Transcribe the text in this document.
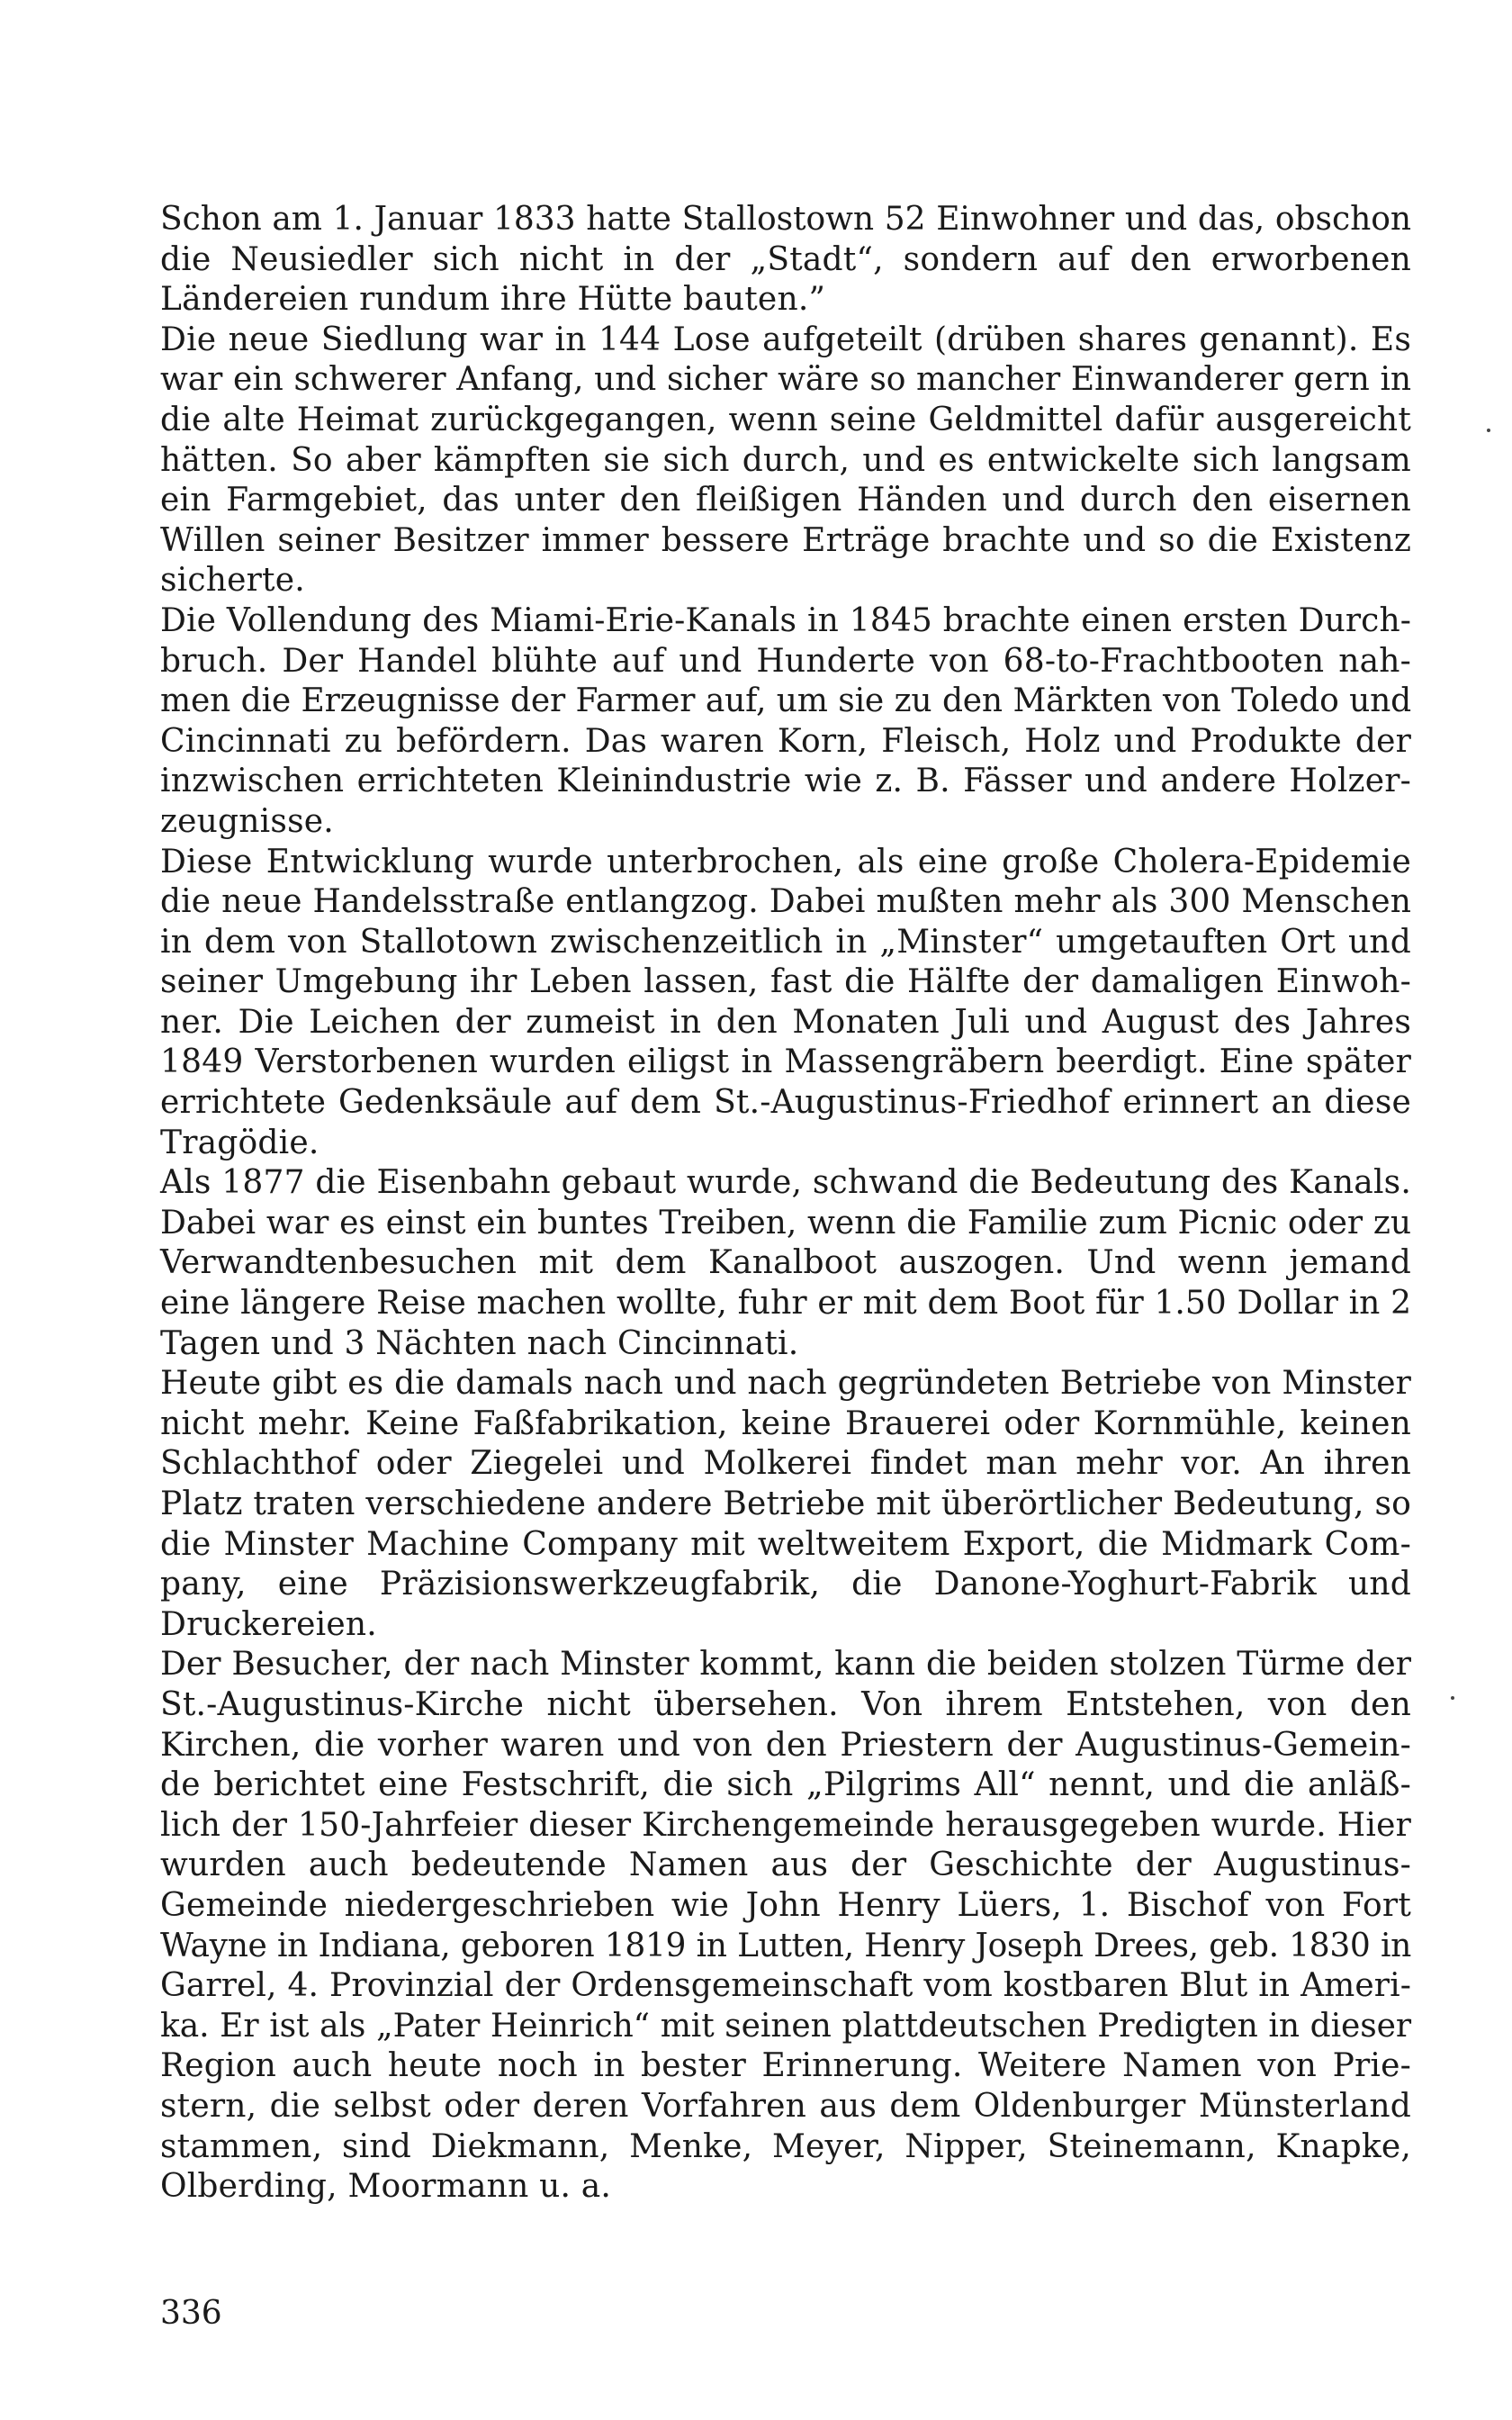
Schon am 1. Januar 1833 hatte Stallostown 52 Einwohner und das, obschon
die Neusiedler sich nicht in der „Stadt“, sondern auf den erworbenen
Ländereien rundum ihre Hütte bauten.”
Die neue Siedlung war in 144 Lose aufgeteilt (drüben shares genannt). Es
war ein schwerer Anfang, und sicher wäre so mancher Einwanderer gern in
die alte Heimat zurückgegangen, wenn seine Geldmittel dafür ausgereicht
hätten. So aber kämpften sie sich durch, und es entwickelte sich langsam
ein Farmgebiet, das unter den fleißigen Händen und durch den eisernen
Willen seiner Besitzer immer bessere Erträge brachte und so die Existenz
sicherte.
Die Vollendung des Miami-Erie-Kanals in 1845 brachte einen ersten Durch-
bruch. Der Handel blühte auf und Hunderte von 68-to-Frachtbooten nah-
men die Erzeugnisse der Farmer auf, um sie zu den Märkten von Toledo und
Cincinnati zu befördern. Das waren Korn, Fleisch, Holz und Produkte der
inzwischen errichteten Kleinindustrie wie z. B. Fässer und andere Holzer-
zeugnisse.
Diese Entwicklung wurde unterbrochen, als eine große Cholera-Epidemie
die neue Handelsstraße entlangzog. Dabei mußten mehr als 300 Menschen
in dem von Stallotown zwischenzeitlich in „Minster“ umgetauften Ort und
seiner Umgebung ihr Leben lassen, fast die Hälfte der damaligen Einwoh-
ner. Die Leichen der zumeist in den Monaten Juli und August des Jahres
1849 Verstorbenen wurden eiligst in Massengräbern beerdigt. Eine später
errichtete Gedenksäule auf dem St.-Augustinus-Friedhof erinnert an diese
Tragödie.
Als 1877 die Eisenbahn gebaut wurde, schwand die Bedeutung des Kanals.
Dabei war es einst ein buntes Treiben, wenn die Familie zum Picnic oder zu
Verwandtenbesuchen mit dem Kanalboot auszogen. Und wenn jemand
eine längere Reise machen wollte, fuhr er mit dem Boot für 1.50 Dollar in 2
Tagen und 3 Nächten nach Cincinnati.
Heute gibt es die damals nach und nach gegründeten Betriebe von Minster
nicht mehr. Keine Faßfabrikation, keine Brauerei oder Kornmühle, keinen
Schlachthof oder Ziegelei und Molkerei findet man mehr vor. An ihren
Platz traten verschiedene andere Betriebe mit überörtlicher Bedeutung, so
die Minster Machine Company mit weltweitem Export, die Midmark Com-
pany, eine Präzisionswerkzeugfabrik, die Danone-Yoghurt-Fabrik und
Druckereien.
Der Besucher, der nach Minster kommt, kann die beiden stolzen Türme der
St.-Augustinus-Kirche nicht übersehen. Von ihrem Entstehen, von den
Kirchen, die vorher waren und von den Priestern der Augustinus-Gemein-
de berichtet eine Festschrift, die sich „Pilgrims All“ nennt, und die anläß-
lich der 150-Jahrfeier dieser Kirchengemeinde herausgegeben wurde. Hier
wurden auch bedeutende Namen aus der Geschichte der Augustinus-
Gemeinde niedergeschrieben wie John Henry Lüers, 1. Bischof von Fort
Wayne in Indiana, geboren 1819 in Lutten, Henry Joseph Drees, geb. 1830 in
Garrel, 4. Provinzial der Ordensgemeinschaft vom kostbaren Blut in Ameri-
ka. Er ist als „Pater Heinrich“ mit seinen plattdeutschen Predigten in dieser
Region auch heute noch in bester Erinnerung. Weitere Namen von Prie-
stern, die selbst oder deren Vorfahren aus dem Oldenburger Münsterland
stammen, sind Diekmann, Menke, Meyer, Nipper, Steinemann, Knapke,
Olberding, Moormann u. a.
336
